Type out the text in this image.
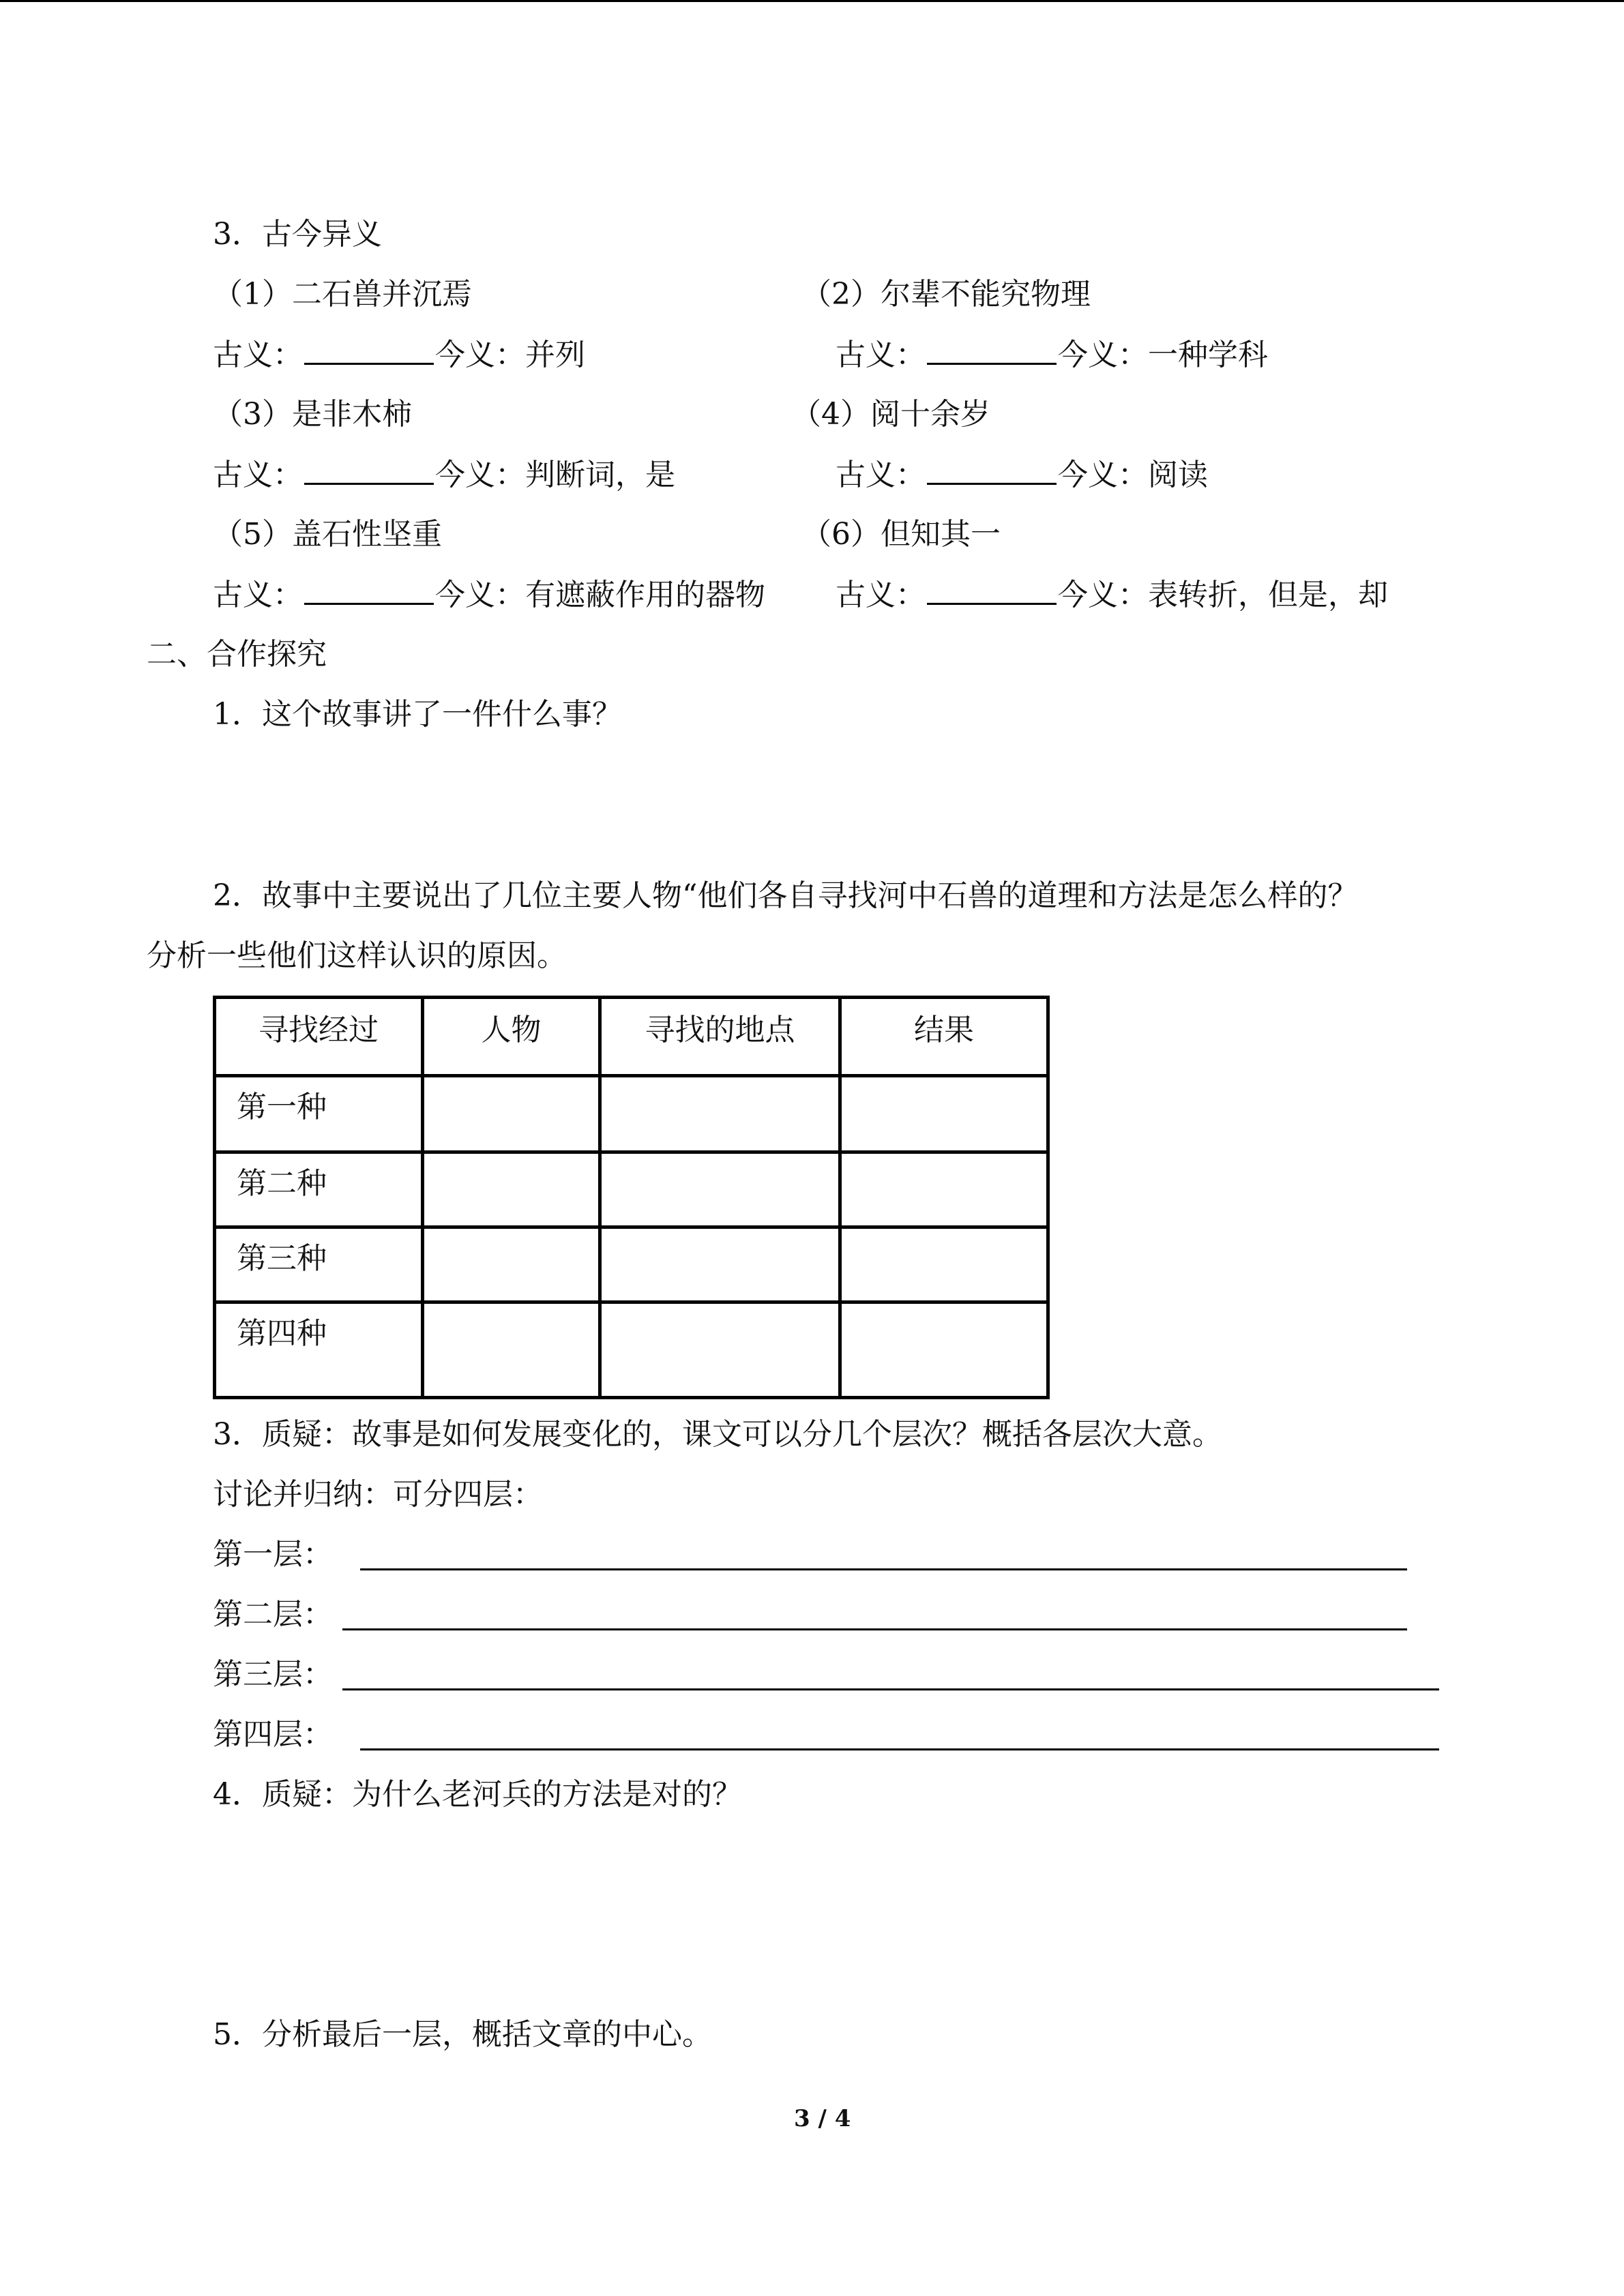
3．古今异义
（1）二石兽并沉焉	（2）尔辈不能究物理
古义：	今义：并列	古义：	今义：一种学科
（3）是非木柿	（4）阅十余岁
古义：	今义：判断词，是	古义：	今义：阅读
（5）盖石性坚重	（6）但知其一
古义：	今义：有遮蔽作用的器物 古义：	今义：表转折，但是，却
二、合作探究
1．这个故事讲了一件什么事？
2．故事中主要说出了几位主要人物“他们各自寻找河中石兽的道理和方法是怎么样的？
分析一些他们这样认识的原因。
寻找经过	人物	寻找的地点	结果
第一种			
第二种			
第三种			
第四种			
3．质疑：故事是如何发展变化的，课文可以分几个层次？概括各层次大意。
讨论并归纳：可分四层：
第一层：
第二层：
第三层：
第四层：
4．质疑：为什么老河兵的方法是对的？
5．分析最后一层，概括文章的中心。
3 / 4
